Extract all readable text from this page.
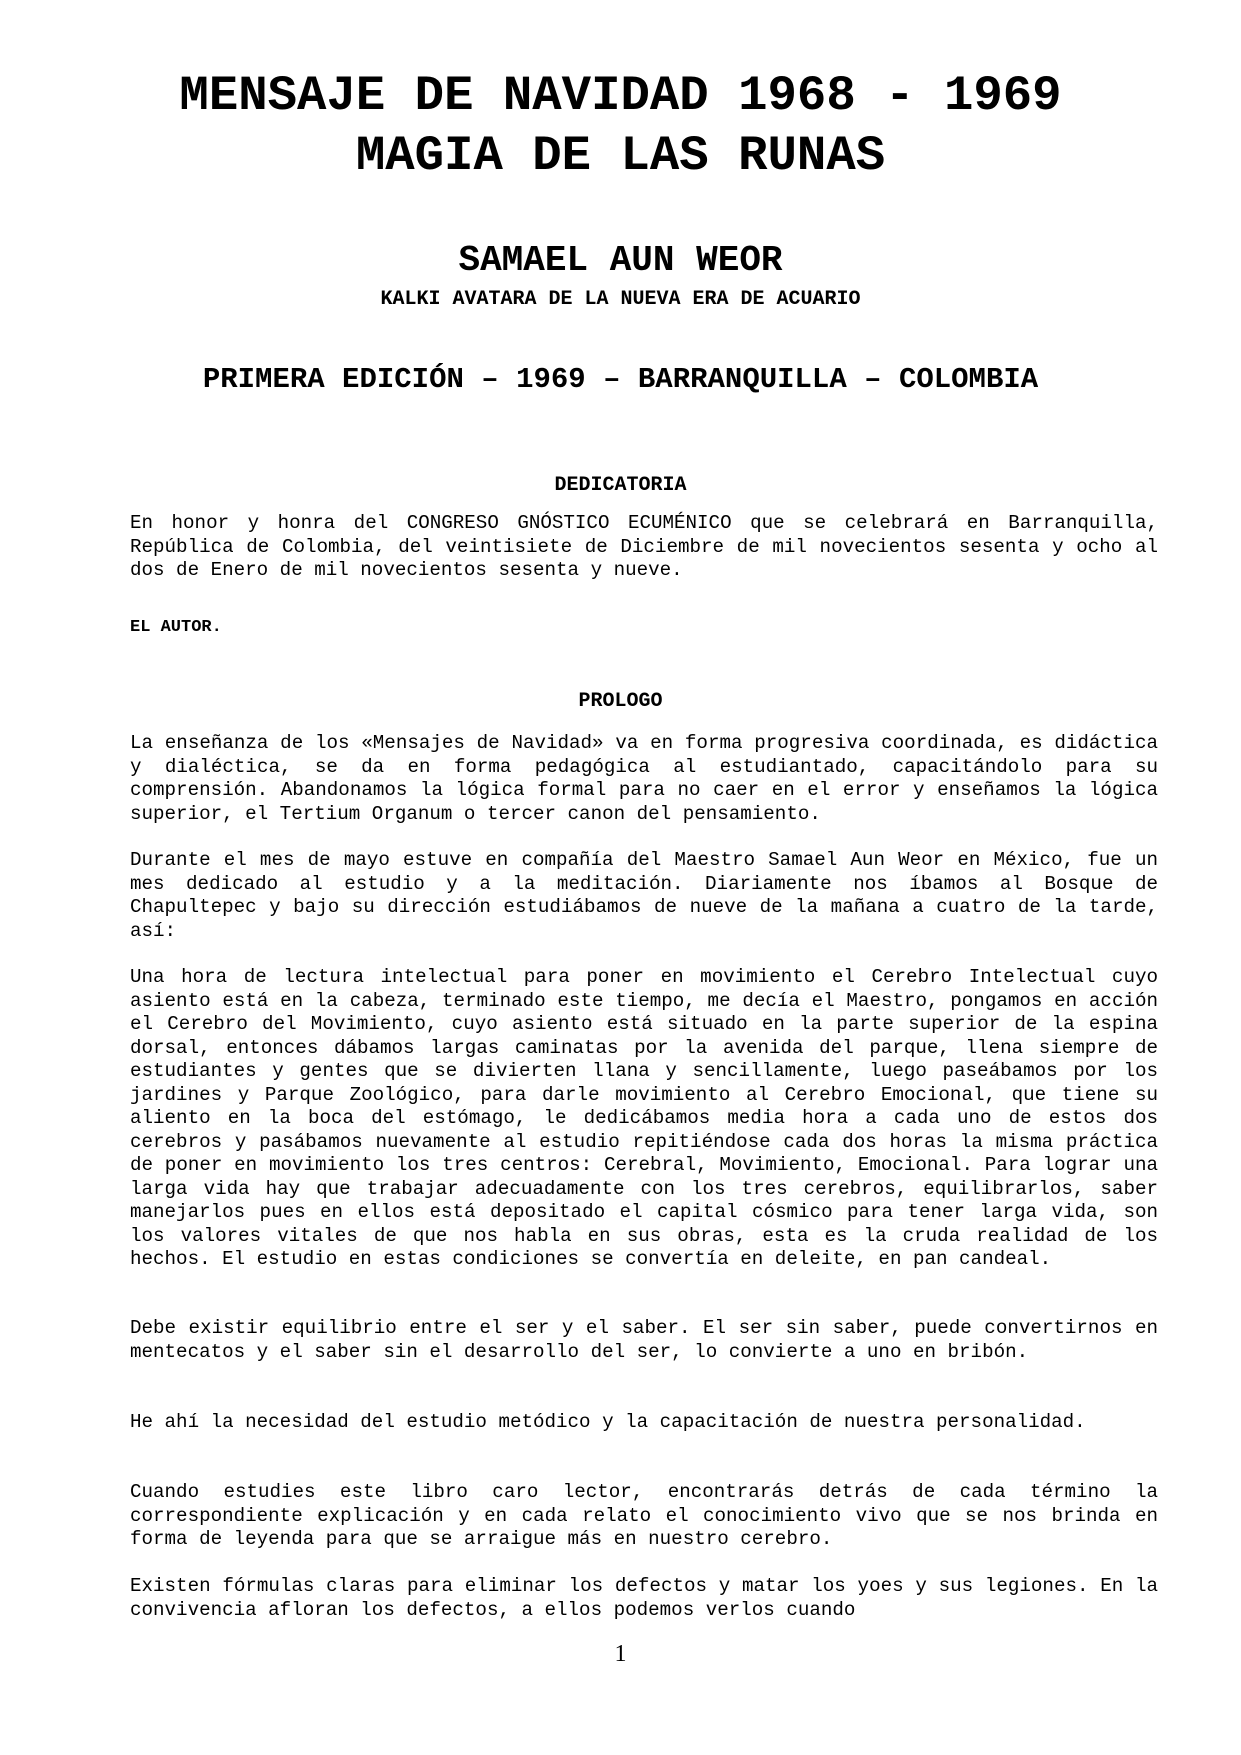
MENSAJE DE NAVIDAD 1968 - 1969
MAGIA DE LAS RUNAS
SAMAEL AUN WEOR
KALKI AVATARA DE LA NUEVA ERA DE ACUARIO
PRIMERA EDICIÓN – 1969 – BARRANQUILLA – COLOMBIA
DEDICATORIA

En honor y honra del CONGRESO GNÓSTICO ECUMÉNICO que se celebrará en Barranquilla, República de Colombia, del veintisiete de Diciembre de mil novecientos sesenta y ocho al dos de Enero de mil novecientos sesenta y nueve.

EL AUTOR.
PROLOGO

La enseñanza de los «Mensajes de Navidad» va en forma progresiva coordinada, es didáctica y dialéctica, se da en forma pedagógica al estudiantado, capacitándolo para su comprensión. Abandonamos la lógica formal para no caer en el error y enseñamos la lógica superior, el Tertium Organum o tercer canon del pensamiento.

Durante el mes de mayo estuve en compañía del Maestro Samael Aun Weor en México, fue un mes dedicado al estudio y a la meditación. Diariamente nos íbamos al Bosque de Chapultepec y bajo su dirección estudiábamos de nueve de la mañana a cuatro de la tarde, así:

Una hora de lectura intelectual para poner en movimiento el Cerebro Intelectual cuyo asiento está en la cabeza, terminado este tiempo, me decía el Maestro, pongamos en acción el Cerebro del Movimiento, cuyo asiento está situado en la parte superior de la espina dorsal, entonces dábamos largas caminatas por la avenida del parque, llena siempre de estudiantes y gentes que se divierten llana y sencillamente, luego paseábamos por los jardines y Parque Zoológico, para darle movimiento al Cerebro Emocional, que tiene su aliento en la boca del estómago, le dedicábamos media hora a cada uno de estos dos cerebros y pasábamos nuevamente al estudio repitiéndose cada dos horas la misma práctica de poner en movimiento los tres centros: Cerebral, Movimiento, Emocional. Para lograr una larga vida hay que trabajar adecuadamente con los tres cerebros, equilibrarlos, saber manejarlos pues en ellos está depositado el capital cósmico para tener larga vida, son los valores vitales de que nos habla en sus obras, esta es la cruda realidad de los hechos. El estudio en estas condiciones se convertía en deleite, en pan candeal.

Debe existir equilibrio entre el ser y el saber. El ser sin saber, puede convertirnos en mentecatos y el saber sin el desarrollo del ser, lo convierte a uno en bribón.

He ahí la necesidad del estudio metódico y la capacitación de nuestra personalidad.

Cuando estudies este libro caro lector, encontrarás detrás de cada término la correspondiente explicación y en cada relato el conocimiento vivo que se nos brinda en forma de leyenda para que se arraigue más en nuestro cerebro.

Existen fórmulas claras para eliminar los defectos y matar los yoes y sus legiones. En la convivencia afloran los defectos, a ellos podemos verlos cuando

1
